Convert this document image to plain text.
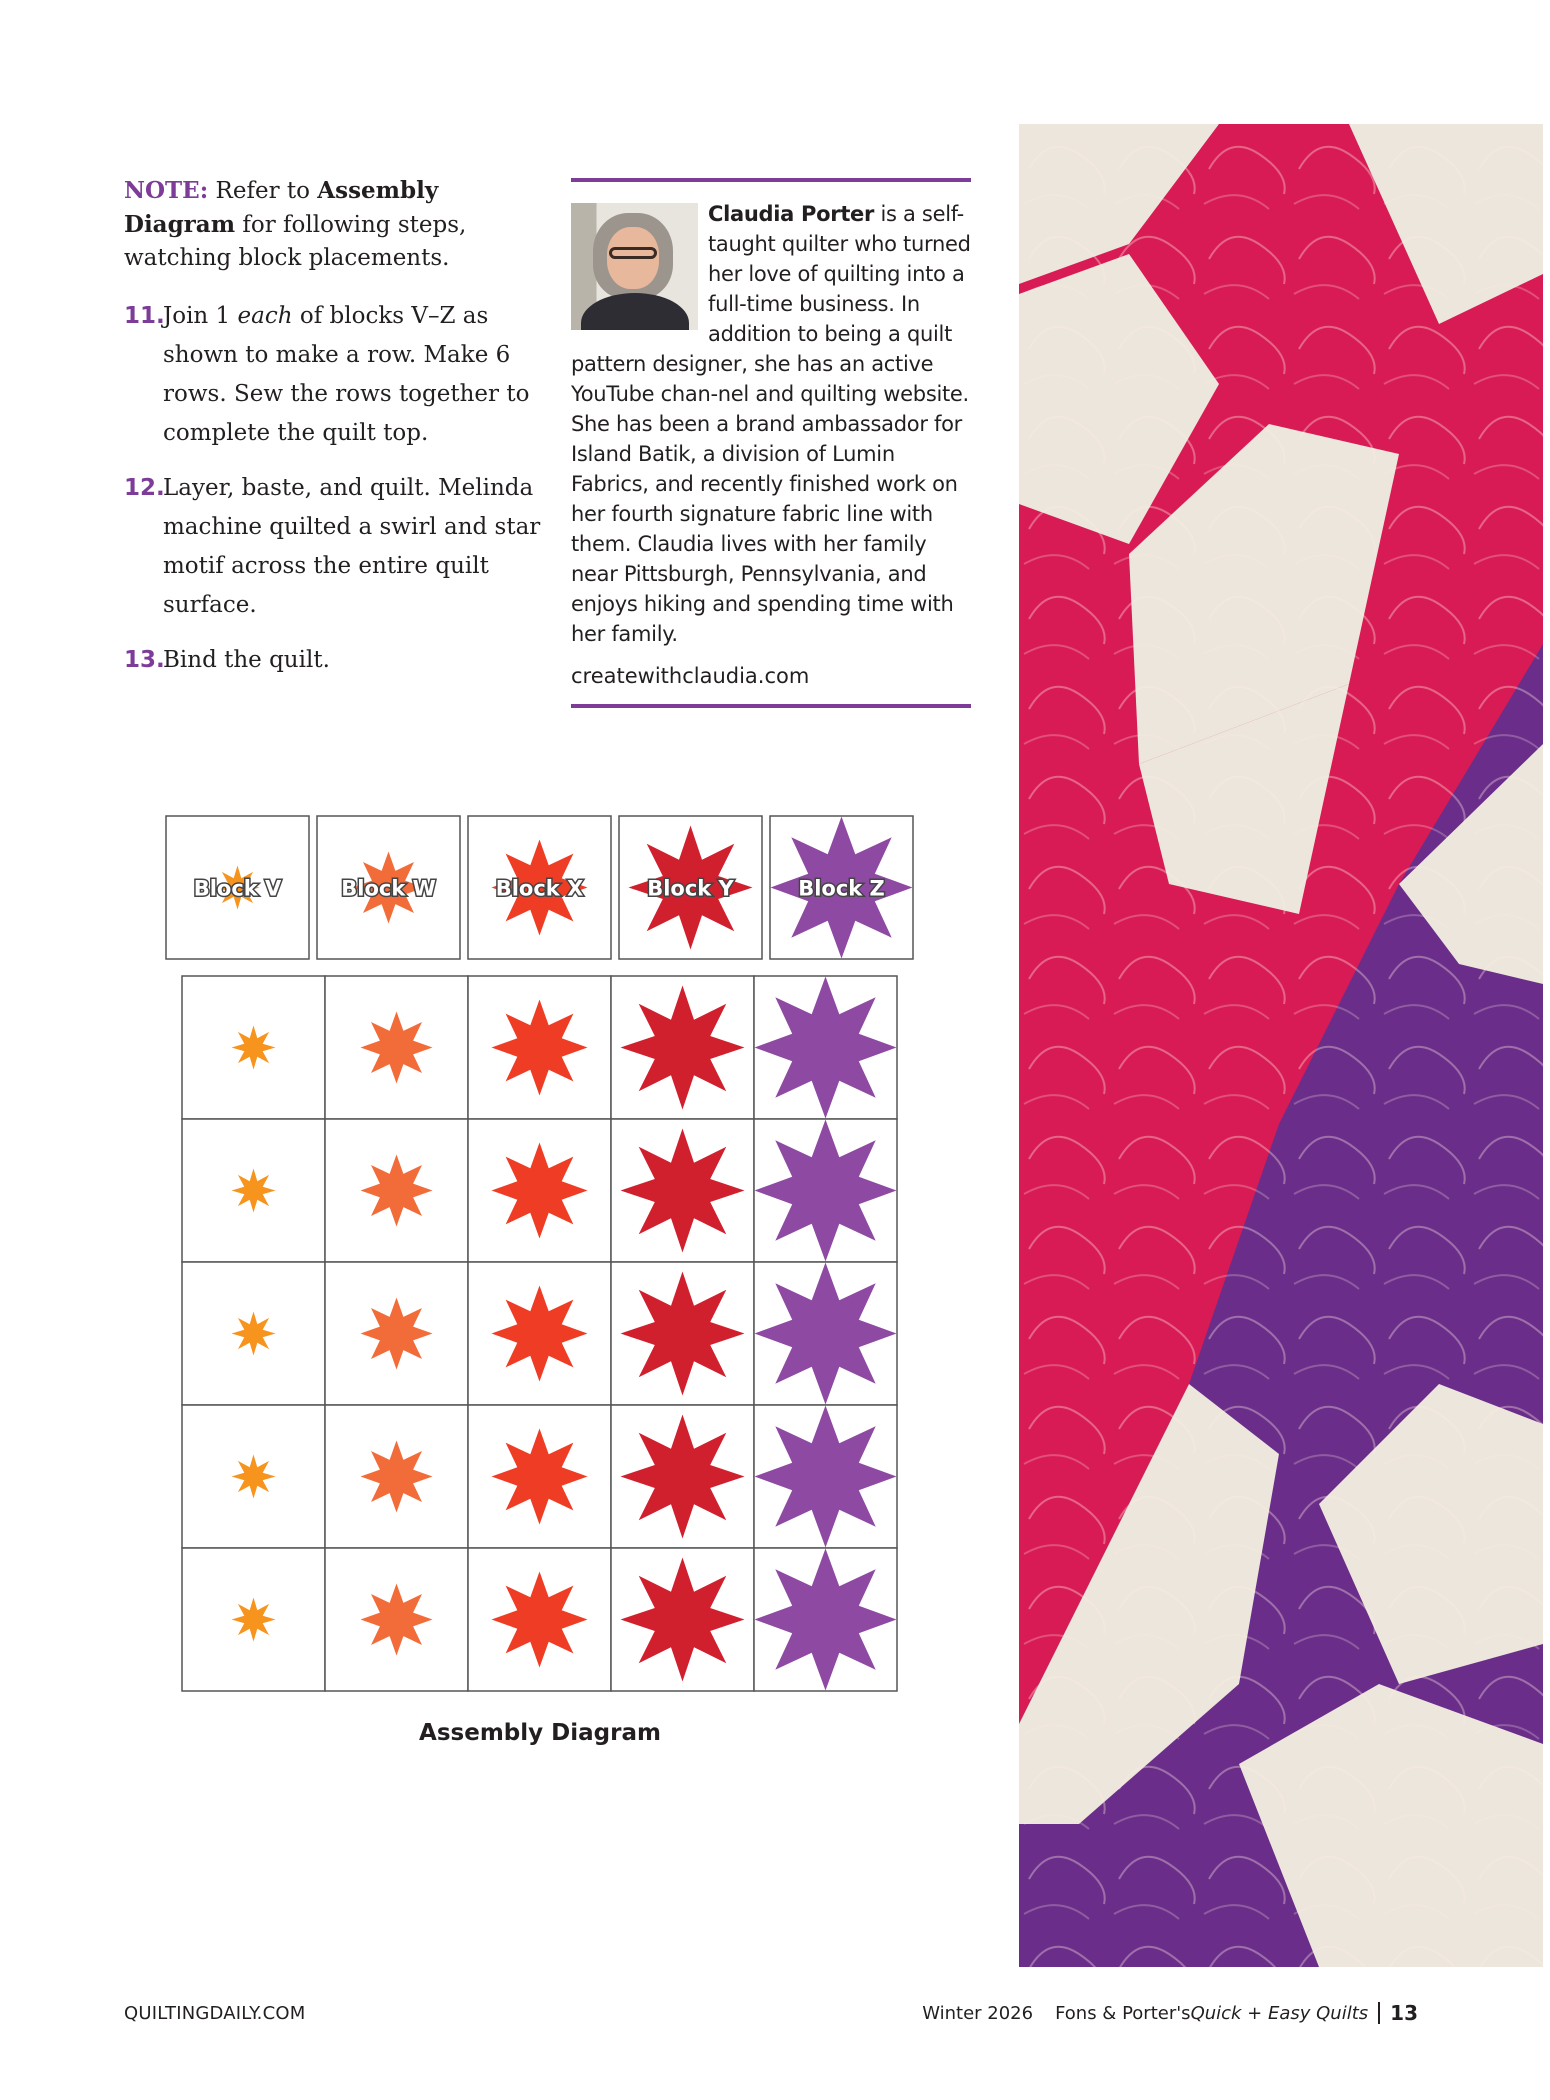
NOTE: Refer to Assembly Diagram for following steps, watching block placements.

11.
Join 1 each of blocks V–Z as shown to make a row. Make 6 rows. Sew the rows together to complete the quilt top.

12.
Layer, baste, and quilt. Melinda machine quilted a swirl and star motif across the entire quilt surface.

13.
Bind the quilt.

Claudia Porter is a self-taught quilter who turned her love of quilting into a full-time business. In addition to being a quilt pattern designer, she has an active YouTube chan-nel and quilting website. She has been a brand ambassador for Island Batik, a division of Lumin Fabrics, and recently finished work on her fourth signature fabric line with them. Claudia lives with her family near Pittsburgh, Pennsylvania, and enjoys hiking and spending time with her family.
createwithclaudia.com
Block V	Block W	Block X	Block Y	Block Z
Assembly Diagram
QUILTINGDAILY.COM	Winter 2026 Fons & Porter's Quick + Easy Quilts 13
